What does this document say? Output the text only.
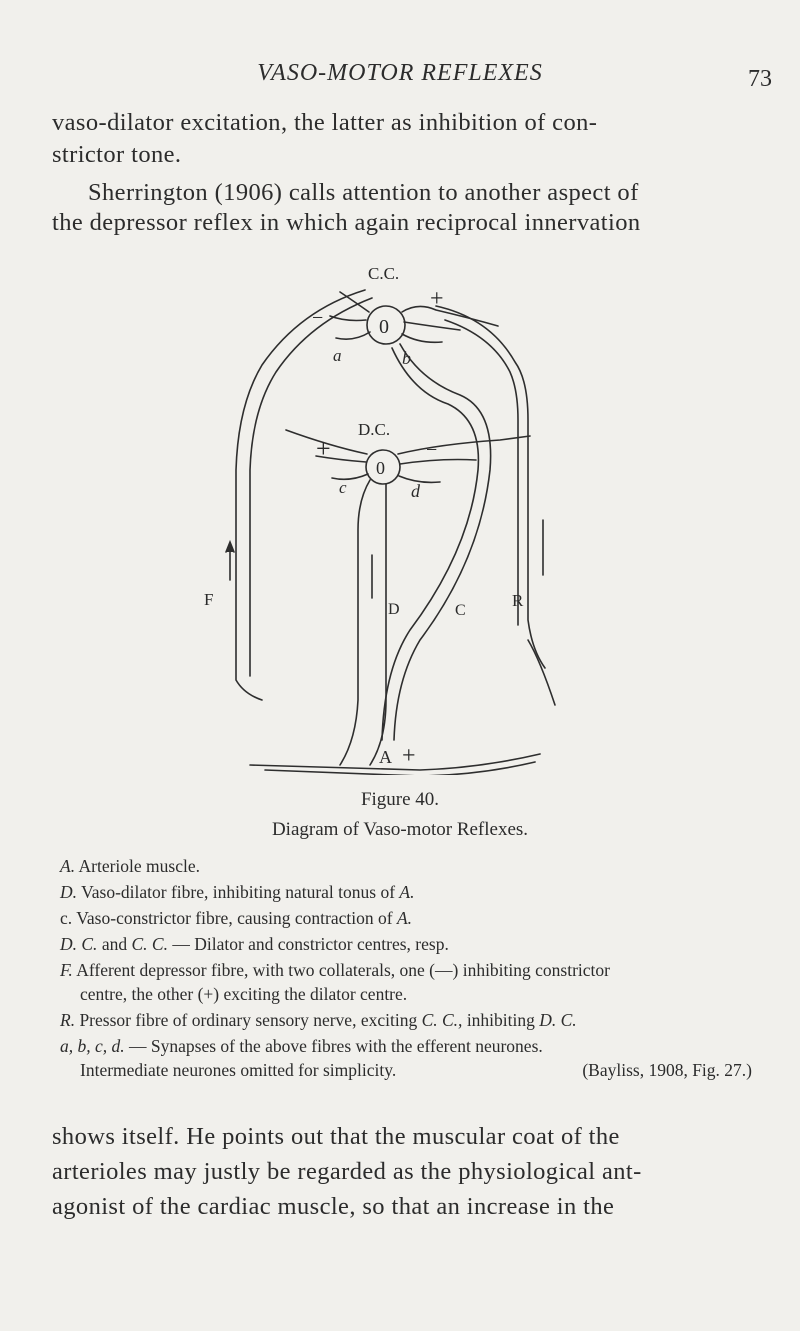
VASO-MOTOR REFLEXES	73
vaso-dilator excitation, the latter as inhibition of con-
strictor tone.
Sherrington (1906) calls attention to another aspect of
the depressor reflex in which again reciprocal innervation
C.C.
0
+
−
a	b
F	R
D.C.
0
+	−
c	d
D	C
A +
Figure 40.
Diagram of Vaso-motor Reflexes.
A. Arteriole muscle.
D. Vaso-dilator fibre, inhibiting natural tonus of A.
c. Vaso-constrictor fibre, causing contraction of A.
D. C. and C. C. — Dilator and constrictor centres, resp.
F. Afferent depressor fibre, with two collaterals, one (—) inhibiting constrictor
centre, the other (+) exciting the dilator centre.
R. Pressor fibre of ordinary sensory nerve, exciting C. C., inhibiting D. C.
a, b, c, d. — Synapses of the above fibres with the efferent neurones.
Intermediate neurones omitted for simplicity.	(Bayliss, 1908, Fig. 27.)
shows itself. He points out that the muscular coat of the
arterioles may justly be regarded as the physiological ant-
agonist of the cardiac muscle, so that an increase in the
